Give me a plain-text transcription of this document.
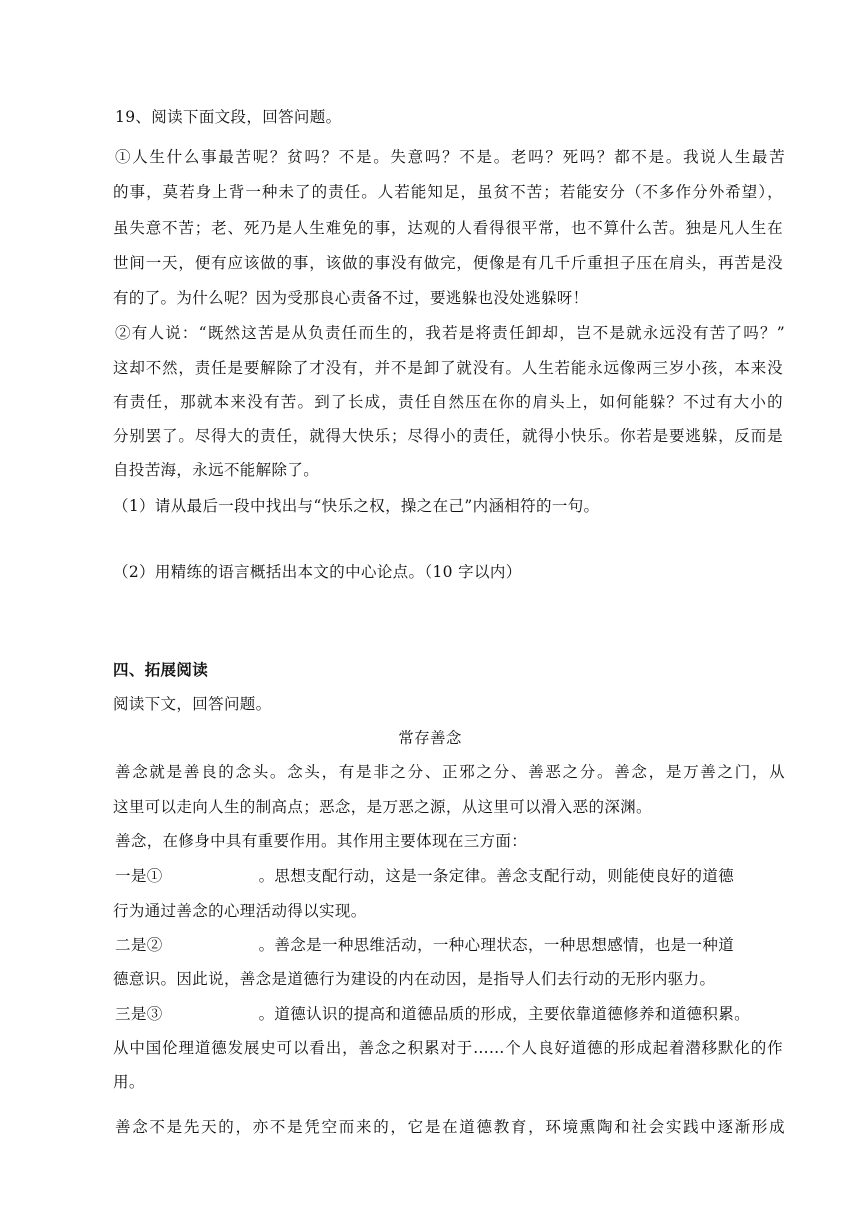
19、阅读下面文段，回答问题。
①人生什么事最苦呢？贫吗？不是。失意吗？不是。老吗？死吗？都不是。我说人生最苦
的事，莫若身上背一种未了的责任。人若能知足，虽贫不苦；若能安分（不多作分外希望），
虽失意不苦；老、死乃是人生难免的事，达观的人看得很平常，也不算什么苦。独是凡人生在
世间一天，便有应该做的事，该做的事没有做完，便像是有几千斤重担子压在肩头，再苦是没
有的了。为什么呢？因为受那良心责备不过，要逃躲也没处逃躲呀！
②有人说：“既然这苦是从负责任而生的，我若是将责任卸却，岂不是就永远没有苦了吗？”
这却不然，责任是要解除了才没有，并不是卸了就没有。人生若能永远像两三岁小孩，本来没
有责任，那就本来没有苦。到了长成，责任自然压在你的肩头上，如何能躲？不过有大小的
分别罢了。尽得大的责任，就得大快乐；尽得小的责任，就得小快乐。你若是要逃躲，反而是
自投苦海，永远不能解除了。
（1）请从最后一段中找出与“快乐之权，操之在己”内涵相符的一句。
（2）用精练的语言概括出本文的中心论点。（10 字以内）
四、拓展阅读
阅读下文，回答问题。
常存善念
善念就是善良的念头。念头，有是非之分、正邪之分、善恶之分。善念，是万善之门，从
这里可以走向人生的制高点；恶念，是万恶之源，从这里可以滑入恶的深渊。
善念，在修身中具有重要作用。其作用主要体现在三方面：
一是①	。思想支配行动，这是一条定律。善念支配行动，则能使良好的道德
行为通过善念的心理活动得以实现。
二是②	。善念是一种思维活动，一种心理状态，一种思想感情，也是一种道
德意识。因此说，善念是道德行为建设的内在动因，是指导人们去行动的无形内驱力。
三是③	。道德认识的提高和道德品质的形成，主要依靠道德修养和道德积累。
从中国伦理道德发展史可以看出，善念之积累对于……个人良好道德的形成起着潜移默化的作
用。
善念不是先天的，亦不是凭空而来的，它是在道德教育，环境熏陶和社会实践中逐渐形成
